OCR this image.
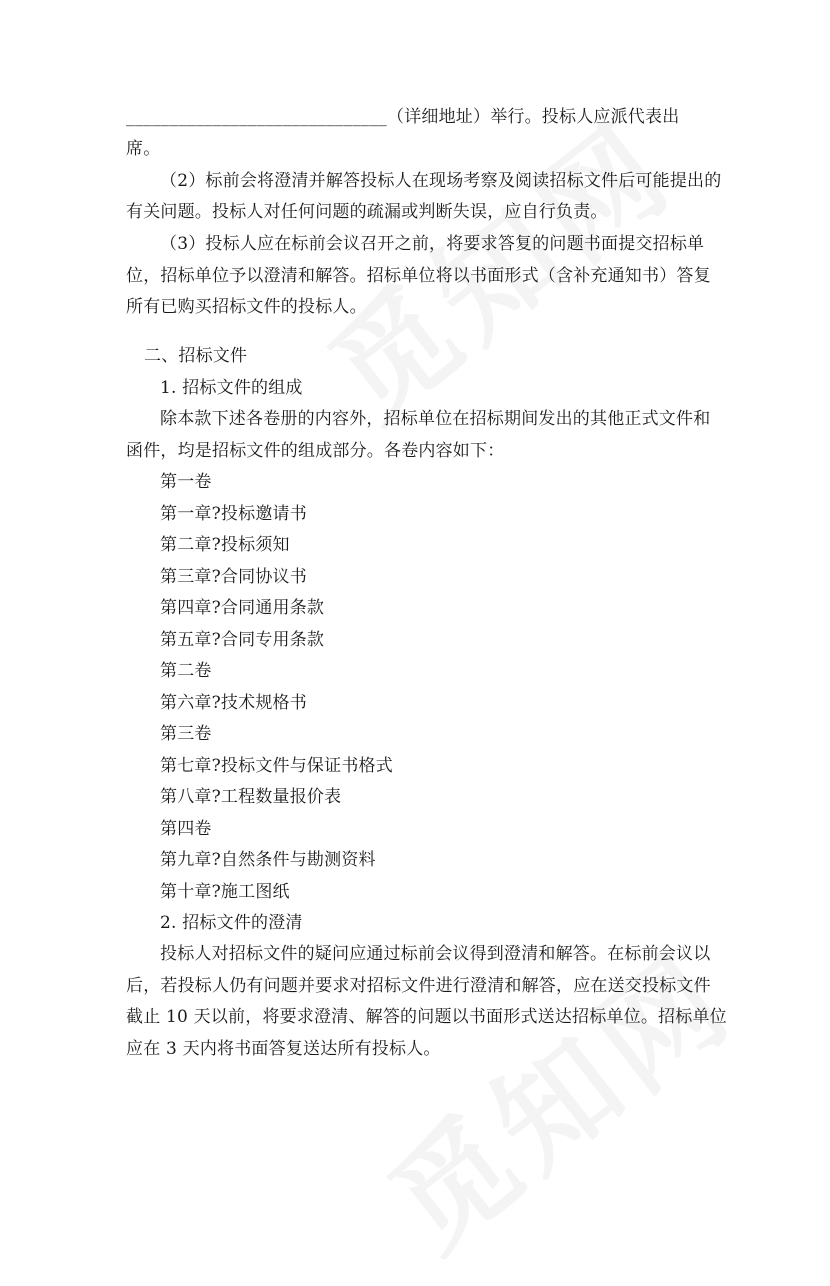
______________________________（详细地址）举行。投标人应派代表出
席。
（2）标前会将澄清并解答投标人在现场考察及阅读招标文件后可能提出的
有关问题。投标人对任何问题的疏漏或判断失误，应自行负责。
（3）投标人应在标前会议召开之前，将要求答复的问题书面提交招标单
位，招标单位予以澄清和解答。招标单位将以书面形式（含补充通知书）答复
所有已购买招标文件的投标人。
二、招标文件
1. 招标文件的组成
除本款下述各卷册的内容外，招标单位在招标期间发出的其他正式文件和
函件，均是招标文件的组成部分。各卷内容如下：
第一卷
第一章?投标邀请书
第二章?投标须知
第三章?合同协议书
第四章?合同通用条款
第五章?合同专用条款
第二卷
第六章?技术规格书
第三卷
第七章?投标文件与保证书格式
第八章?工程数量报价表
第四卷
第九章?自然条件与勘测资料
第十章?施工图纸
2. 招标文件的澄清
投标人对招标文件的疑问应通过标前会议得到澄清和解答。在标前会议以
后，若投标人仍有问题并要求对招标文件进行澄清和解答，应在送交投标文件
截止 10 天以前，将要求澄清、解答的问题以书面形式送达招标单位。招标单位
应在 3 天内将书面答复送达所有投标人。
